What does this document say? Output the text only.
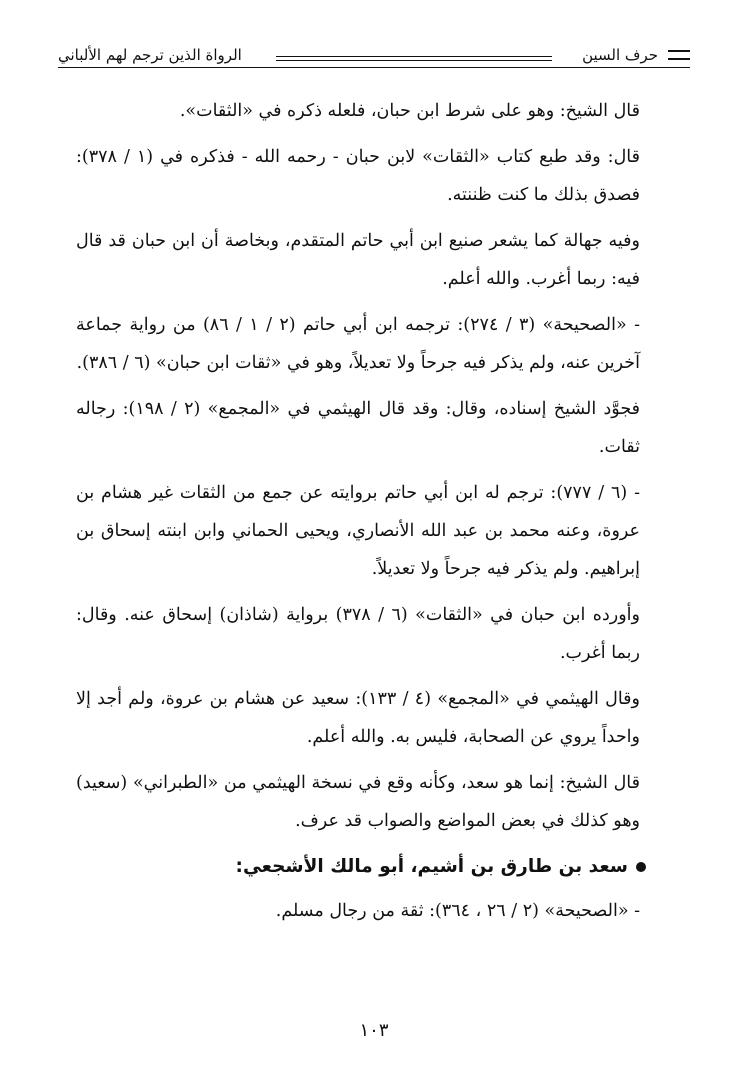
حرف السين
الرواة الذين ترجم لهم الألباني

قال الشيخ: وهو على شرط ابن حبان، فلعله ذكره في «الثقات».

قال: وقد طبع كتاب «الثقات» لابن حبان - رحمه الله - فذكره في (١ / ٣٧٨): فصدق بذلك ما كنت ظننته.

وفيه جهالة كما يشعر صنيع ابن أبي حاتم المتقدم، وبخاصة أن ابن حبان قد قال فيه: ربما أغرب. والله أعلم.

- «الصحيحة» (٣ / ٢٧٤): ترجمه ابن أبي حاتم (٢ / ١ / ٨٦) من رواية جماعة آخرين عنه، ولم يذكر فيه جرحاً ولا تعديلاً، وهو في «ثقات ابن حبان» (٦ / ٣٨٦).

فجوَّد الشيخ إسناده، وقال: وقد قال الهيثمي في «المجمع» (٢ / ١٩٨): رجاله ثقات.

- (٦ / ٧٧٧): ترجم له ابن أبي حاتم بروايته عن جمع من الثقات غير هشام بن عروة، وعنه محمد بن عبد الله الأنصاري، ويحيى الحماني وابن ابنته إسحاق بن إبراهيم. ولم يذكر فيه جرحاً ولا تعديلاً.

وأورده ابن حبان في «الثقات» (٦ / ٣٧٨) برواية (شاذان) إسحاق عنه. وقال: ربما أغرب.

وقال الهيثمي في «المجمع» (٤ / ١٣٣): سعيد عن هشام بن عروة، ولم أجد إلا واحداً يروي عن الصحابة، فليس به. والله أعلم.

قال الشيخ: إنما هو سعد، وكأنه وقع في نسخة الهيثمي من «الطبراني» (سعيد) وهو كذلك في بعض المواضع والصواب قد عرف.

سعد بن طارق بن أشيم، أبو مالك الأشجعي:

- «الصحيحة» (٢ / ٢٦ ، ٣٦٤): ثقة من رجال مسلم.

١٠٣
